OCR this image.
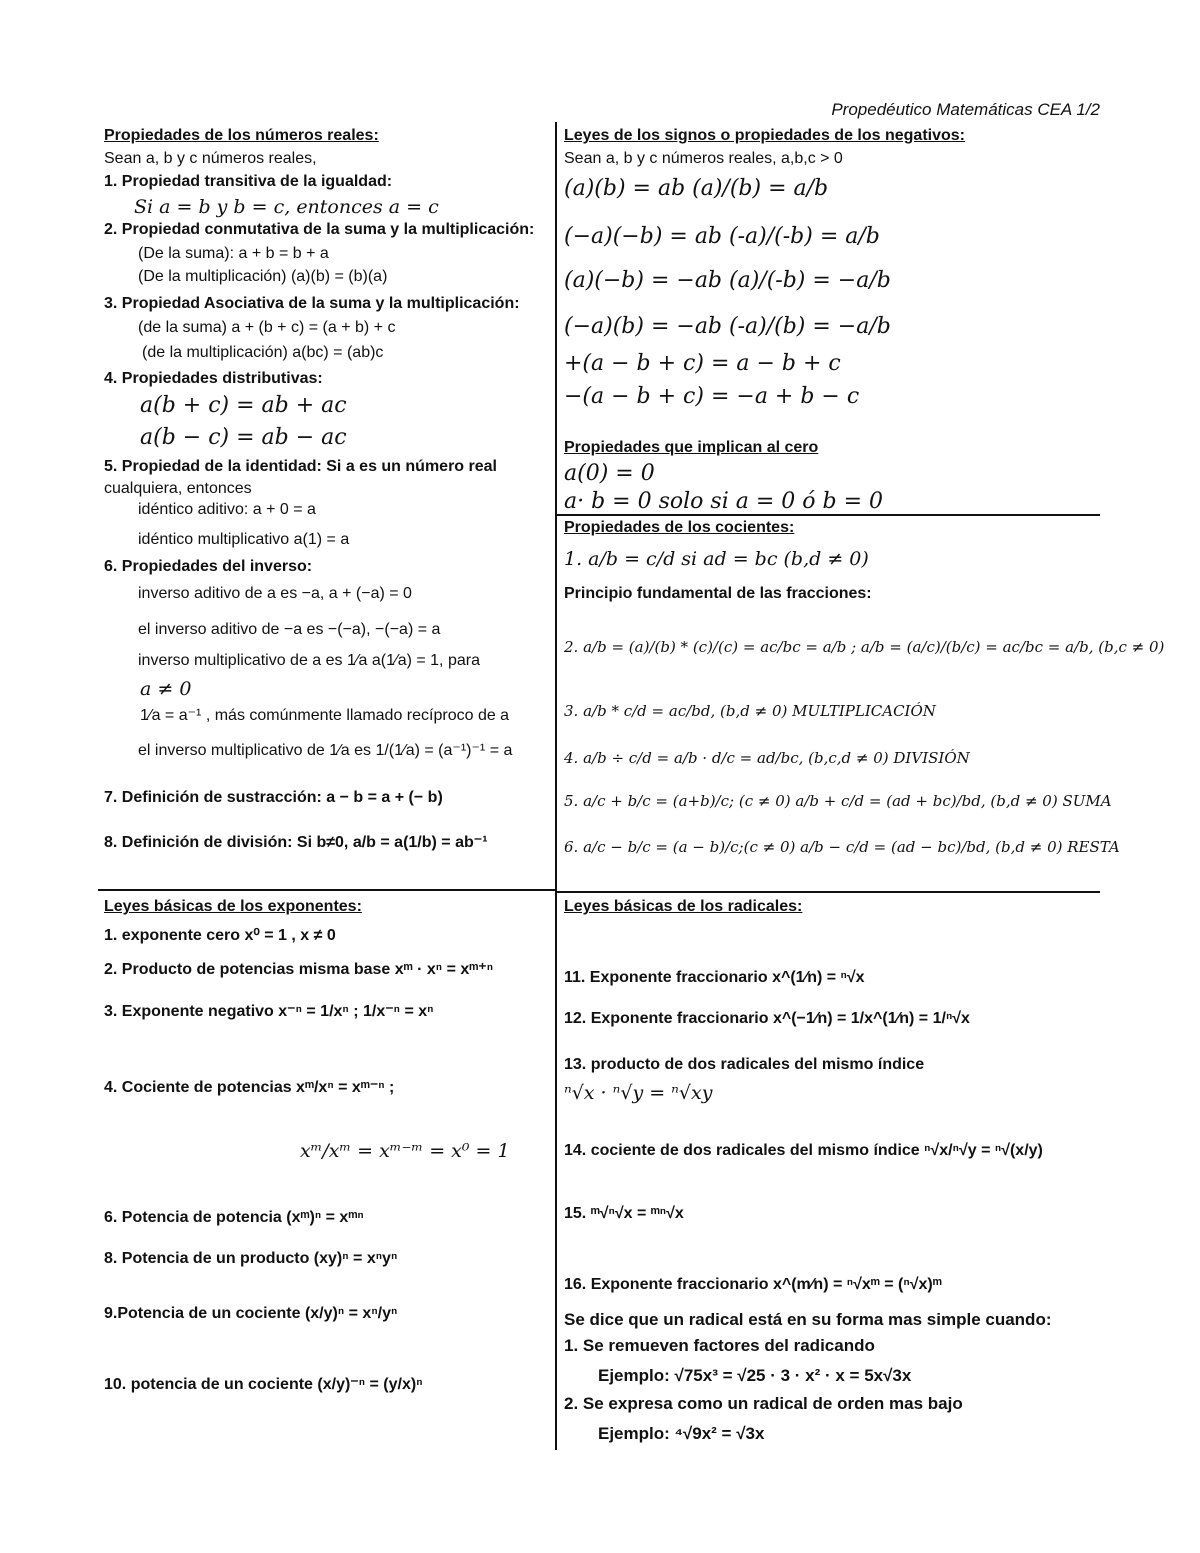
Propedéutico Matemáticas CEA 1/2
Propiedades de los números reales:
Sean a, b y c números reales,
1. Propiedad transitiva de la igualdad:
Si a = b y b = c, entonces a = c
2. Propiedad conmutativa de la suma y la multiplicación:
(De la suma): a + b = b + a
(De la multiplicación) (a)(b) = (b)(a)
3. Propiedad Asociativa de la suma y la multiplicación:
(de la suma) a + (b + c) = (a + b) + c
(de la multiplicación) a(bc) = (ab)c
4. Propiedades distributivas:
a(b + c) = ab + ac
a(b − c) = ab − ac
5. Propiedad de la identidad: Si a es un número real
cualquiera, entonces
idéntico aditivo: a + 0 = a
idéntico multiplicativo a(1) = a
6. Propiedades del inverso:
inverso aditivo de a es −a, a + (−a) = 0
el inverso aditivo de −a es −(−a), −(−a) = a
inverso multiplicativo de a es 1⁄a a(1⁄a) = 1, para
a ≠ 0
1⁄a = a⁻¹ , más comúnmente llamado recíproco de a
el inverso multiplicativo de 1⁄a es 1/(1⁄a) = (a⁻¹)⁻¹ = a
7. Definición de sustracción: a − b = a + (− b)
8. Definición de división: Si b≠0, a/b = a(1/b) = ab⁻¹
Leyes de los signos o propiedades de los negativos:
Sean a, b y c números reales, a,b,c > 0
(a)(b) = ab (a)/(b) = a/b
(−a)(−b) = ab (-a)/(-b) = a/b
(a)(−b) = −ab (a)/(-b) = −a/b
(−a)(b) = −ab (-a)/(b) = −a/b
+(a − b + c) = a − b + c
−(a − b + c) = −a + b − c
Propiedades que implican al cero
a(0) = 0
a· b = 0 solo si a = 0 ó b = 0
Propiedades de los cocientes:
1. a/b = c/d si ad = bc (b,d ≠ 0)
Principio fundamental de las fracciones:
2. a/b = (a)/(b) * (c)/(c) = ac/bc = a/b ; a/b = (a/c)/(b/c) = ac/bc = a/b, (b,c ≠ 0)
3. a/b * c/d = ac/bd, (b,d ≠ 0) MULTIPLICACIÓN
4. a/b ÷ c/d = a/b · d/c = ad/bc, (b,c,d ≠ 0) DIVISIÓN
5. a/c + b/c = (a+b)/c; (c ≠ 0) a/b + c/d = (ad + bc)/bd, (b,d ≠ 0) SUMA
6. a/c − b/c = (a − b)/c;(c ≠ 0) a/b − c/d = (ad − bc)/bd, (b,d ≠ 0) RESTA
Leyes básicas de los exponentes:
1. exponente cero x⁰ = 1 , x ≠ 0
2. Producto de potencias misma base xᵐ · xⁿ = xᵐ⁺ⁿ
3. Exponente negativo x⁻ⁿ = 1/xⁿ ; 1/x⁻ⁿ = xⁿ
4. Cociente de potencias xᵐ/xⁿ = xᵐ⁻ⁿ ;
xᵐ/xᵐ = xᵐ⁻ᵐ = x⁰ = 1
6. Potencia de potencia (xᵐ)ⁿ = xᵐⁿ
8. Potencia de un producto (xy)ⁿ = xⁿyⁿ
9.Potencia de un cociente (x/y)ⁿ = xⁿ/yⁿ
10. potencia de un cociente (x/y)⁻ⁿ = (y/x)ⁿ
Leyes básicas de los radicales:
11. Exponente fraccionario x^(1⁄n) = ⁿ√x
12. Exponente fraccionario x^(−1⁄n) = 1/x^(1⁄n) = 1/ⁿ√x
13. producto de dos radicales del mismo índice
ⁿ√x · ⁿ√y = ⁿ√xy
14. cociente de dos radicales del mismo índice ⁿ√x/ⁿ√y = ⁿ√(x/y)
15. ᵐ√ⁿ√x = ᵐⁿ√x
16. Exponente fraccionario x^(m⁄n) = ⁿ√xᵐ = (ⁿ√x)ᵐ
Se dice que un radical está en su forma mas simple cuando:
1. Se remueven factores del radicando
Ejemplo: √75x³ = √25 · 3 · x² · x = 5x√3x
2. Se expresa como un radical de orden mas bajo
Ejemplo: ⁴√9x² = √3x
